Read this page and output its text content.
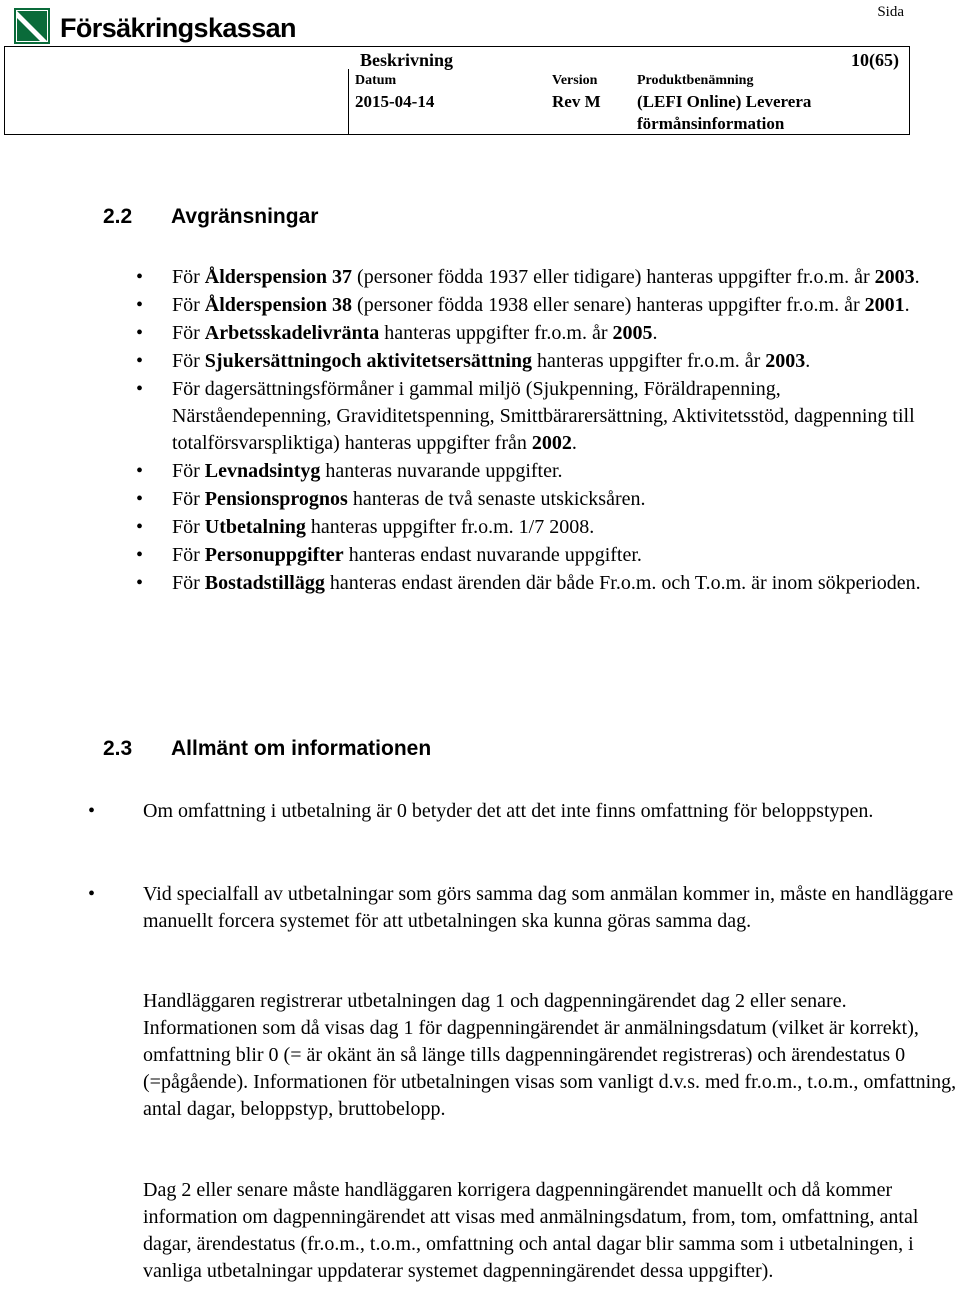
Försäkringskassan
Sida
Beskrivning	10(65)
Datum
2015-04-14
Version
Rev M
Produktbenämning
(LEFI Online) Leverera
förmånsinformation
2.2 Avgränsningar
• För Ålderspension 37 (personer födda 1937 eller tidigare) hanteras uppgifter fr.o.m. år 2003.
• För Ålderspension 38 (personer födda 1938 eller senare) hanteras uppgifter fr.o.m. år 2001.
• För Arbetsskadelivränta hanteras uppgifter fr.o.m. år 2005.
• För Sjukersättningoch aktivitetsersättning hanteras uppgifter fr.o.m. år 2003.
• För dagersättningsförmåner i gammal miljö (Sjukpenning, Föräldrapenning, Närståendepenning, Graviditetspenning, Smittbärarersättning, Aktivitetsstöd, dagpenning till totalförsvarspliktiga) hanteras uppgifter från 2002.
• För Levnadsintyg hanteras nuvarande uppgifter.
• För Pensionsprognos hanteras de två senaste utskicksåren.
• För Utbetalning hanteras uppgifter fr.o.m. 1/7 2008.
• För Personuppgifter hanteras endast nuvarande uppgifter.
• För Bostadstillägg hanteras endast ärenden där både Fr.o.m. och T.o.m. är inom sökperioden.
2.3 Allmänt om informationen
• Om omfattning i utbetalning är 0 betyder det att det inte finns omfattning för beloppstypen.

• Vid specialfall av utbetalningar som görs samma dag som anmälan kommer in, måste en handläggare manuellt forcera systemet för att utbetalningen ska kunna göras samma dag.

Handläggaren registrerar utbetalningen dag 1 och dagpenningärendet dag 2 eller senare. Informationen som då visas dag 1 för dagpenningärendet är anmälningsdatum (vilket är korrekt), omfattning blir 0 (= är okänt än så länge tills dagpenningärendet registreras) och ärendestatus 0 (=pågående). Informationen för utbetalningen visas som vanligt d.v.s. med fr.o.m., t.o.m., omfattning, antal dagar, beloppstyp, bruttobelopp.

Dag 2 eller senare måste handläggaren korrigera dagpenningärendet manuellt och då kommer information om dagpenningärendet att visas med anmälningsdatum, from, tom, omfattning, antal dagar, ärendestatus (fr.o.m., t.o.m., omfattning och antal dagar blir samma som i utbetalningen, i vanliga utbetalningar uppdaterar systemet dagpenningärendet dessa uppgifter).
